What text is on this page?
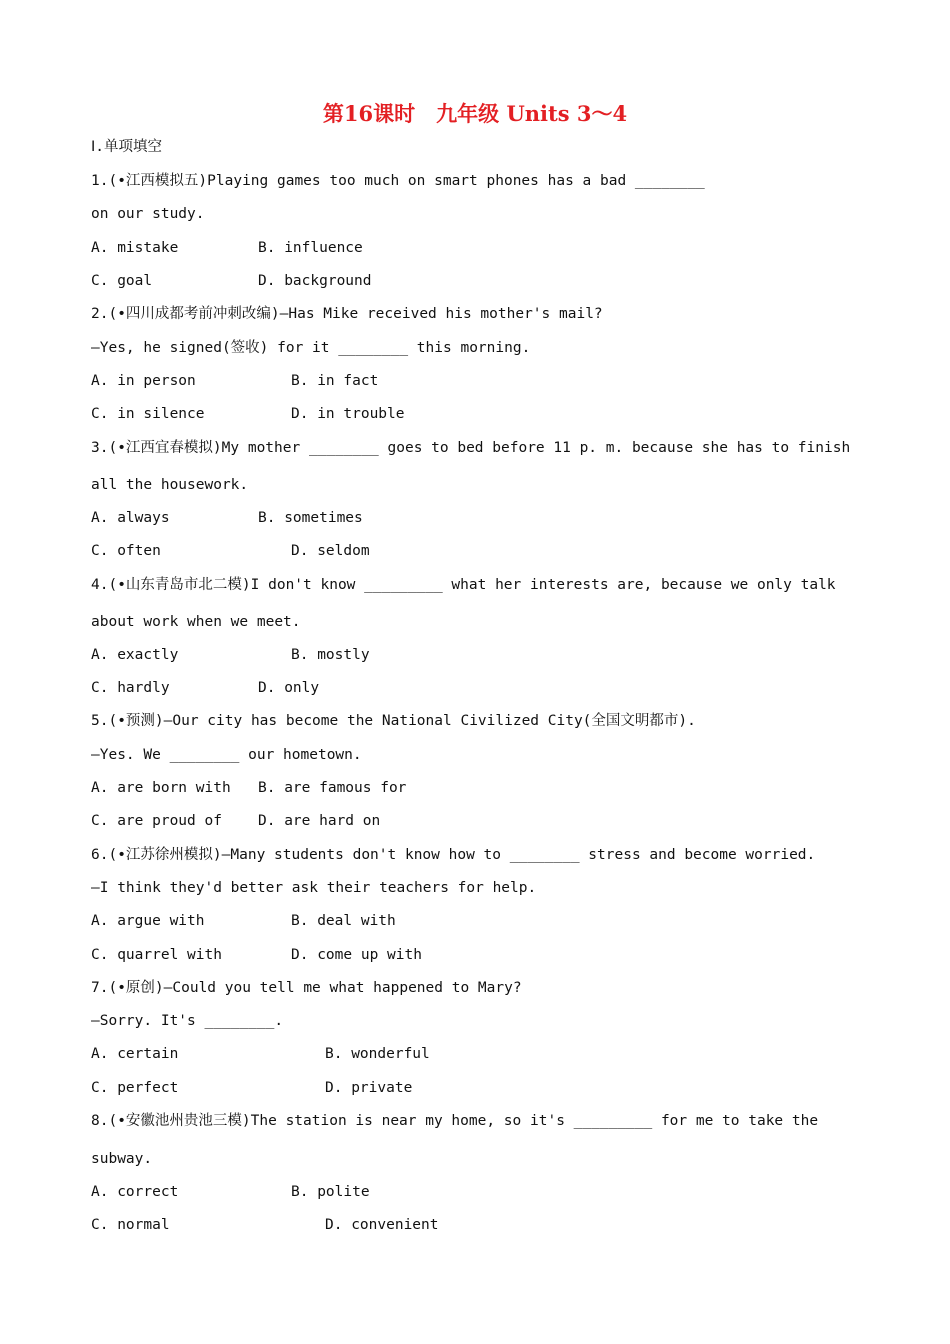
第16课时　九年级 Units 3～4
Ⅰ.单项填空
1.(•江西模拟五)Playing games too much on smart phones has a bad ________
on our study.
A. mistake	B. influence
C. goal	D. background
2.(•四川成都考前冲刺改编)—Has Mike received his mother's mail?
—Yes, he signed(签收) for it ________ this morning.
A. in person	B. in fact
C. in silence	D. in trouble
3.(•江西宜春模拟)My mother ________ goes to bed before 11 p. m. because she has to finish
all the housework.
A. always	B. sometimes
C. often	D. seldom
4.(•山东青岛市北二模)I don't know _________ what her interests are, because we only talk
about work when we meet.
A. exactly	B. mostly
C. hardly	D. only
5.(•预测)—Our city has become the National Civilized City(全国文明都市).
—Yes. We ________ our hometown.
A. are born with B. are famous for
C. are proud of D. are hard on
6.(•江苏徐州模拟)—Many students don't know how to ________ stress and become worried.
—I think they'd better ask their teachers for help.
A. argue with	B. deal with
C. quarrel with	D. come up with
7.(•原创)—Could you tell me what happened to Mary?
—Sorry. It's ________.
A. certain	B. wonderful
C. perfect	D. private
8.(•安徽池州贵池三模)The station is near my home, so it's _________ for me to take the
subway.
A. correct	B. polite
C. normal	D. convenient
